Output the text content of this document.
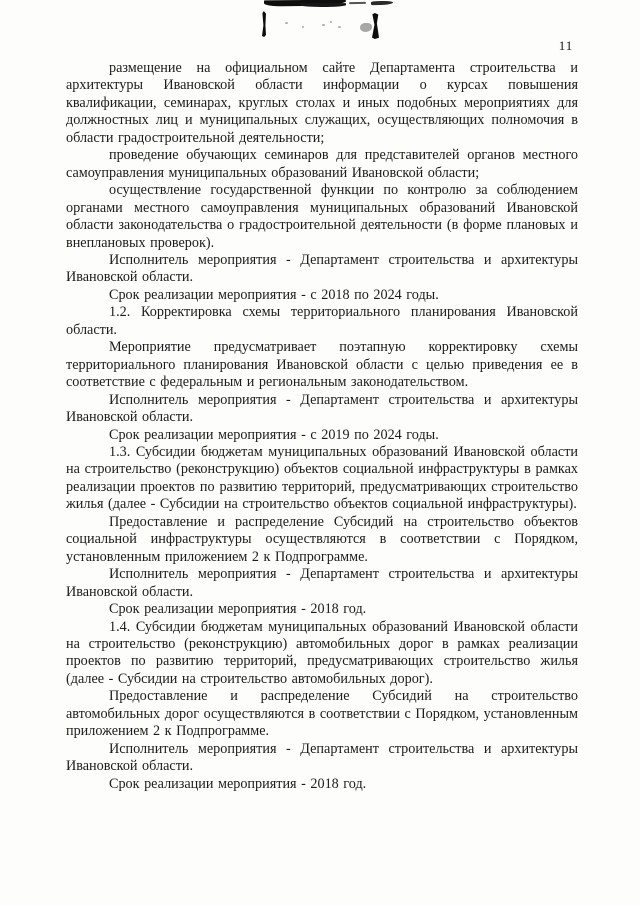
11

размещение на официальном сайте Департамента строительства и архитектуры Ивановской области информации о курсах повышения квалификации, семинарах, круглых столах и иных подобных мероприятиях для должностных лиц и муниципальных служащих, осуществляющих полномочия в области градостроительной деятельности;

проведение обучающих семинаров для представителей органов местного самоуправления муниципальных образований Ивановской области;

осуществление государственной функции по контролю за соблюдением органами местного самоуправления муниципальных образований Ивановской области законодательства о градостроительной деятельности (в форме плановых и внеплановых проверок).

Исполнитель мероприятия - Департамент строительства и архитектуры Ивановской области.

Срок реализации мероприятия - с 2018 по 2024 годы.

1.2. Корректировка схемы территориального планирования Ивановской области.

Мероприятие предусматривает поэтапную корректировку схемы территориального планирования Ивановской области с целью приведения ее в соответствие с федеральным и региональным законодательством.

Исполнитель мероприятия - Департамент строительства и архитектуры Ивановской области.

Срок реализации мероприятия - с 2019 по 2024 годы.

1.3. Субсидии бюджетам муниципальных образований Ивановской области на строительство (реконструкцию) объектов социальной инфраструктуры в рамках реализации проектов по развитию территорий, предусматривающих строительство жилья (далее - Субсидии на строительство объектов социальной инфраструктуры).

Предоставление и распределение Субсидий на строительство объектов социальной инфраструктуры осуществляются в соответствии с Порядком, установленным приложением 2 к Подпрограмме.

Исполнитель мероприятия - Департамент строительства и архитектуры Ивановской области.

Срок реализации мероприятия - 2018 год.

1.4. Субсидии бюджетам муниципальных образований Ивановской области на строительство (реконструкцию) автомобильных дорог в рамках реализации проектов по развитию территорий, предусматривающих строительство жилья (далее - Субсидии на строительство автомобильных дорог).

Предоставление и распределение Субсидий на строительство автомобильных дорог осуществляются в соответствии с Порядком, установленным приложением 2 к Подпрограмме.

Исполнитель мероприятия - Департамент строительства и архитектуры Ивановской области.

Срок реализации мероприятия - 2018 год.
